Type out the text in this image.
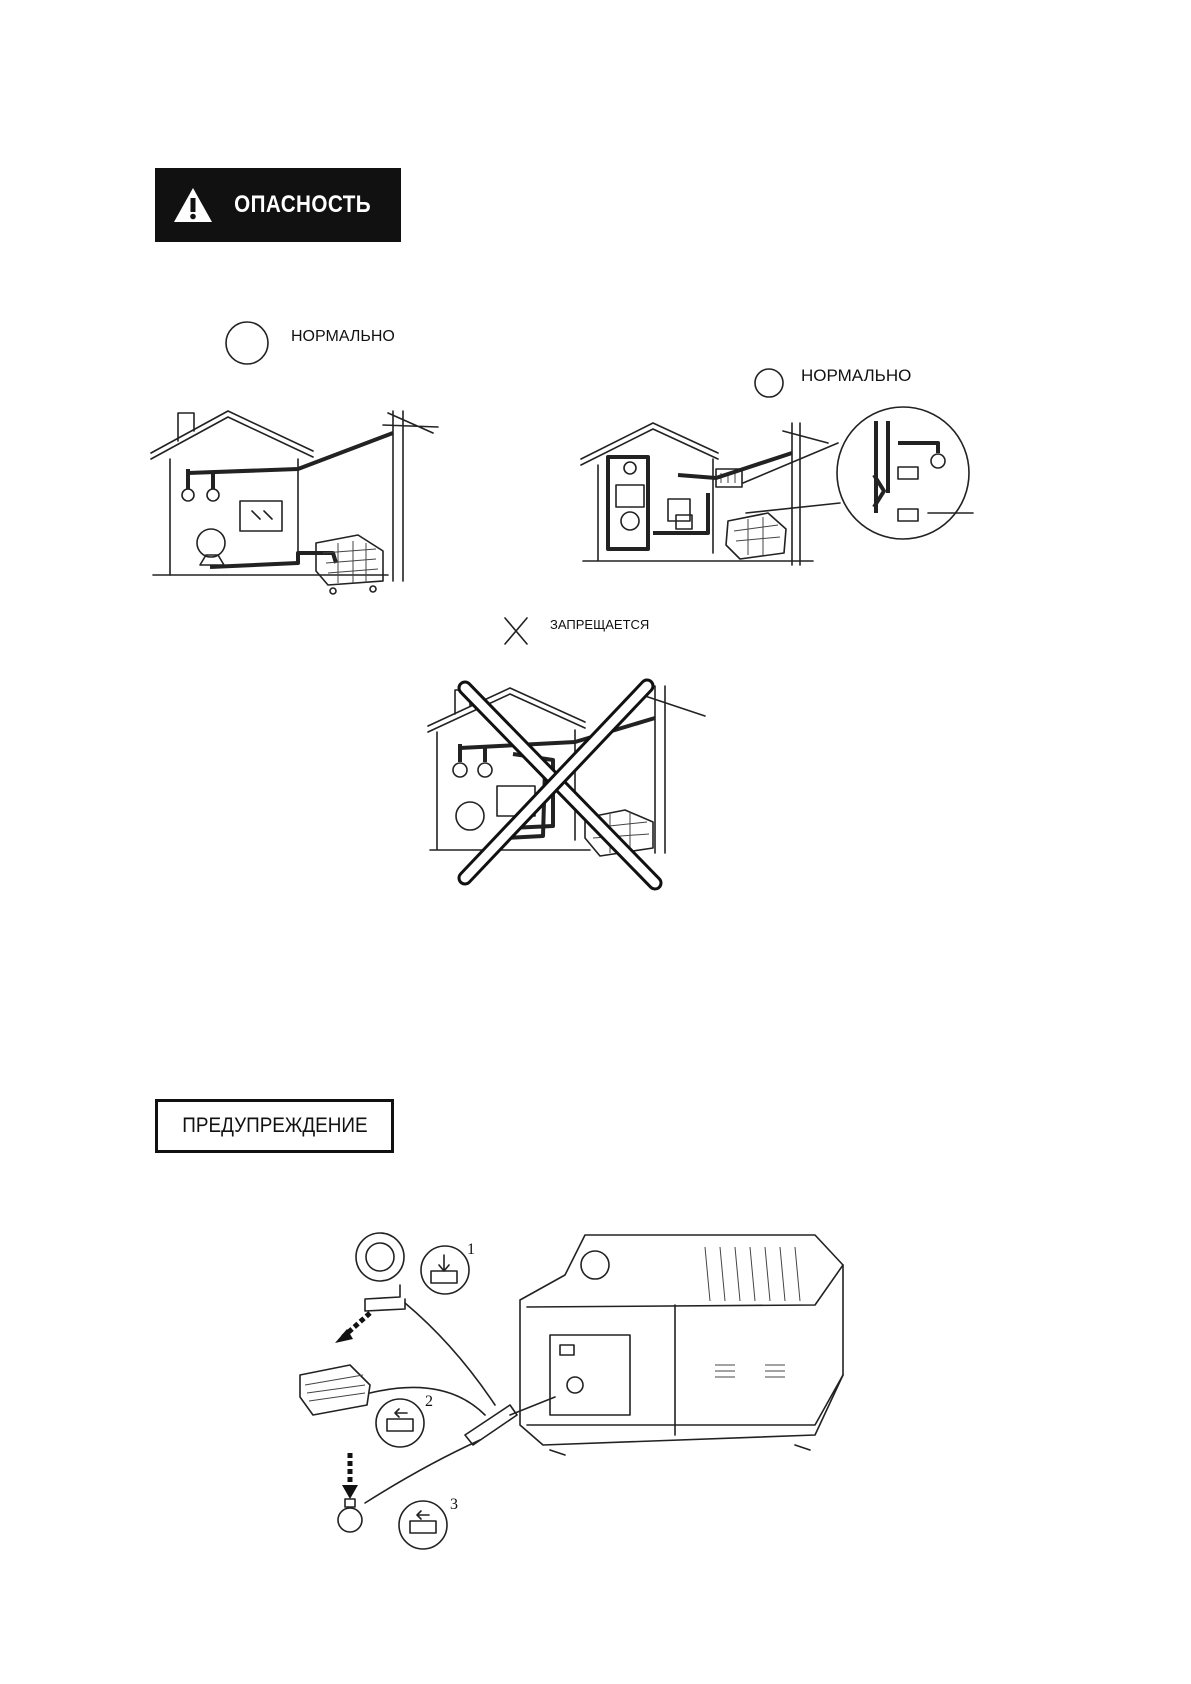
ОПАСНОСТЬ
НОРМАЛЬНО
НОРМАЛЬНО
ЗАПРЕЩАЕТСЯ
ПРЕДУПРЕЖДЕНИЕ
1
2
3
